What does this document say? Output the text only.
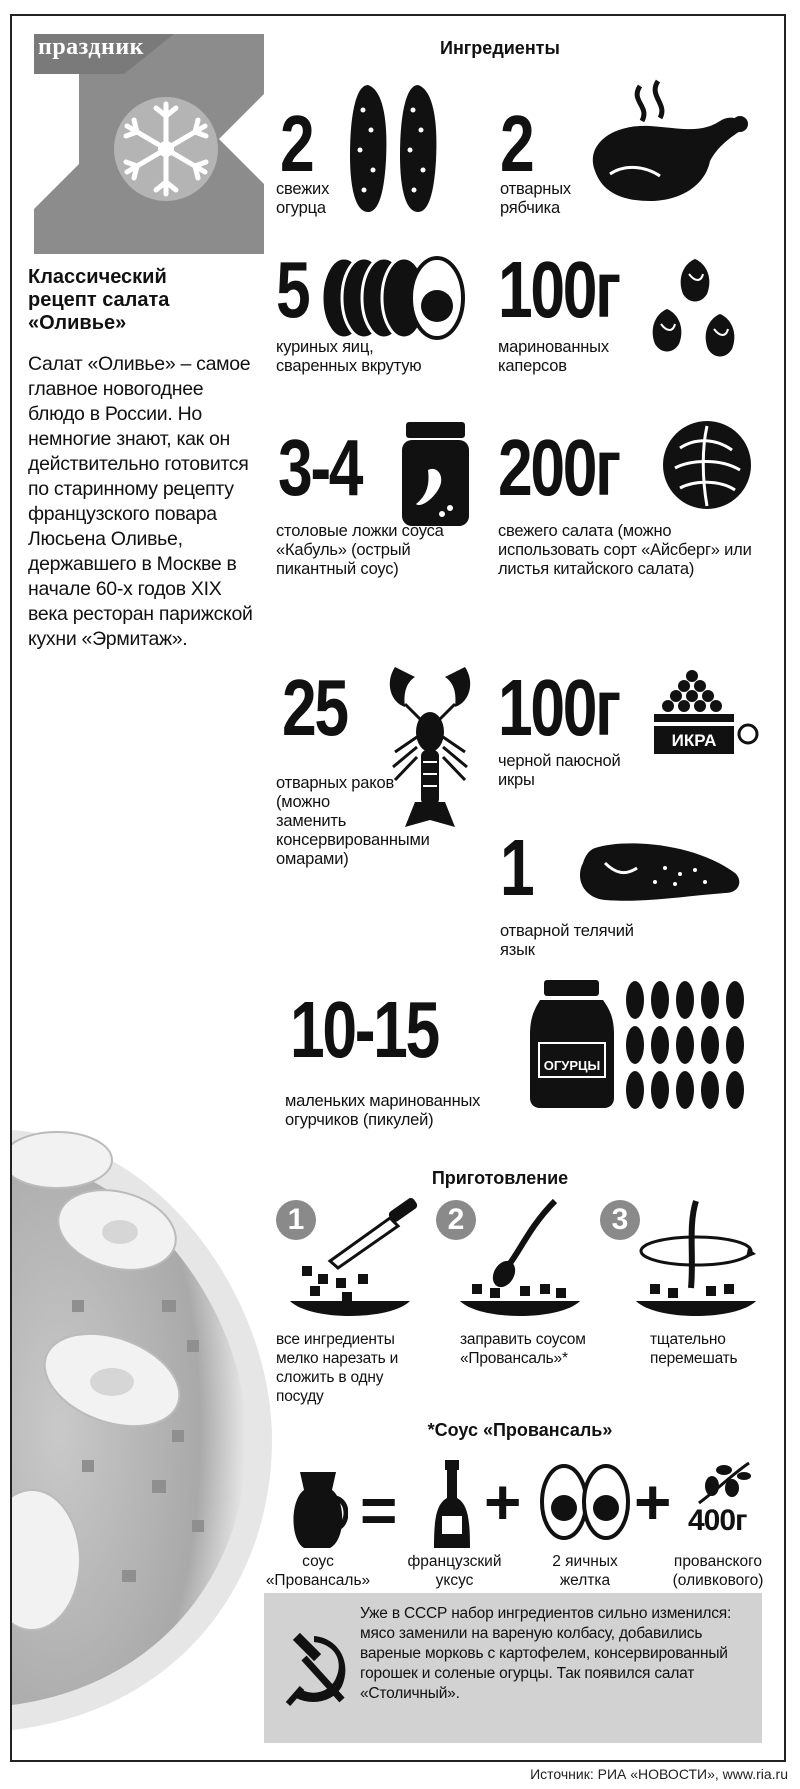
праздник
Классический рецепт салата «Оливье»
Салат «Оливье» – самое главное новогоднее блюдо в России. Но немногие знают, как он действительно готовится по старинному рецепту французского повара Люсьена Оливье, державшего в Москве в начале 60-х годов XIX века ресторан парижской кухни «Эрмитаж».
Ингредиенты
2
свежих огурца
2
отварных рябчика
5
куриных яиц, сваренных вкрутую
100г
маринованных каперсов
3-4
столовые ложки соуса «Кабуль» (острый пикантный соус)
200г
свежего салата (можно использовать сорт «Айсберг» или листья китайского салата)
25
отварных раков (можно заменить консервированными омарами)
100г	ИКРА
черной паюсной икры
1
отварной телячий язык
10-15	ОГУРЦЫ
маленьких маринованных огурчиков (пикулей)
Приготовление
1
все ингредиенты мелко нарезать и сложить в одну посуду
2
заправить соусом «Провансаль»*
3
тщательно перемешать
*Соус «Провансаль»
= + + 400г
соус «Провансаль»
французский уксус
2 яичных желтка
прованского (оливкового)
Уже в СССР набор ингредиентов сильно изменился: мясо заменили на вареную колбасу, добавились вареные морковь с картофелем, консервированный горошек и соленые огурцы. Так появился салат «Столичный».
Источник: РИА «НОВОСТИ», www.ria.ru
